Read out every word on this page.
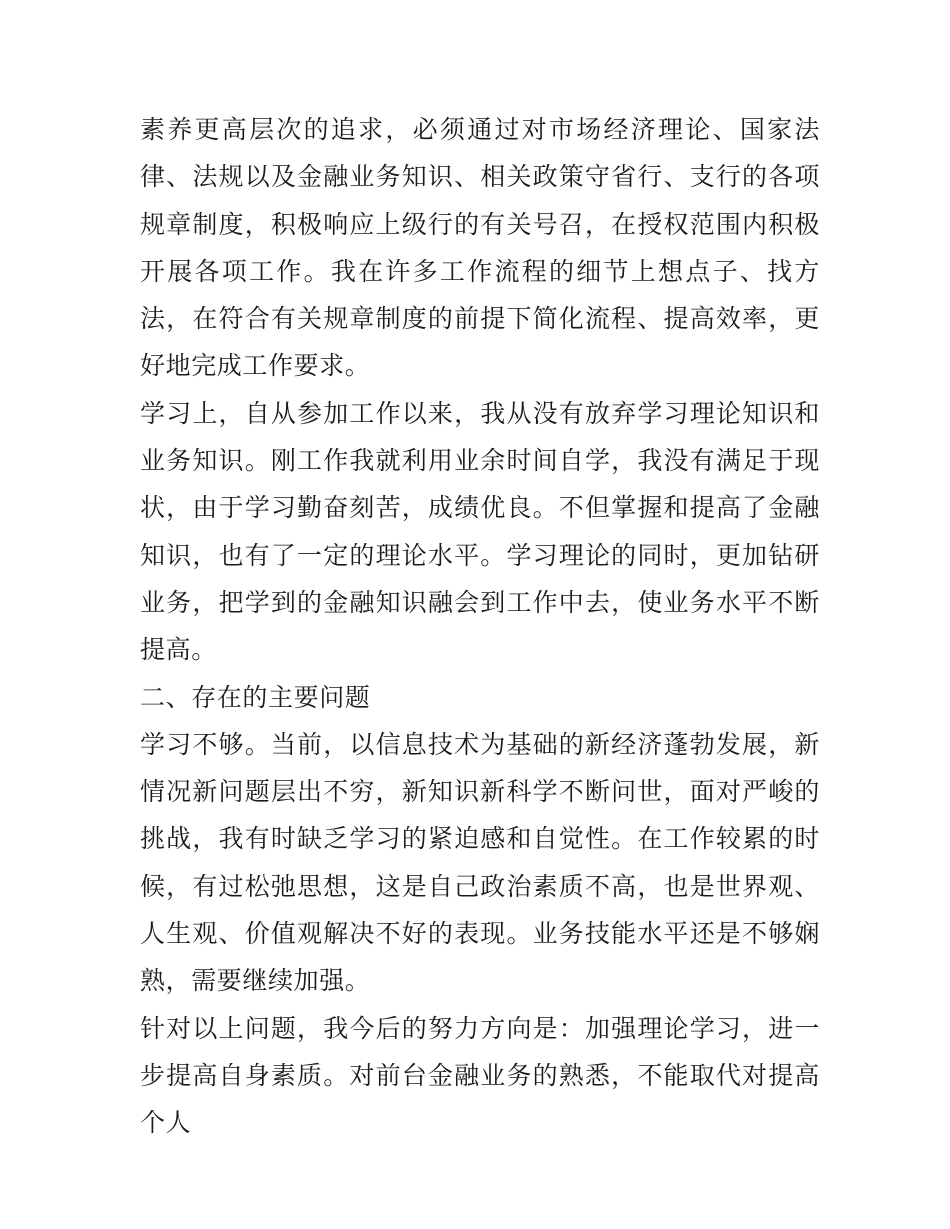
素养更高层次的追求，必须通过对市场经济理论、国家法律、法规以及金融业务知识、相关政策守省行、支行的各项规章制度，积极响应上级行的有关号召，在授权范围内积极开展各项工作。我在许多工作流程的细节上想点子、找方法，在符合有关规章制度的前提下简化流程、提高效率，更好地完成工作要求。

学习上，自从参加工作以来，我从没有放弃学习理论知识和业务知识。刚工作我就利用业余时间自学，我没有满足于现状，由于学习勤奋刻苦，成绩优良。不但掌握和提高了金融知识，也有了一定的理论水平。学习理论的同时，更加钻研业务，把学到的金融知识融会到工作中去，使业务水平不断提高。

二、存在的主要问题

学习不够。当前，以信息技术为基础的新经济蓬勃发展，新情况新问题层出不穷，新知识新科学不断问世，面对严峻的挑战，我有时缺乏学习的紧迫感和自觉性。在工作较累的时候，有过松弛思想，这是自己政治素质不高，也是世界观、人生观、价值观解决不好的表现。业务技能水平还是不够娴熟，需要继续加强。

针对以上问题，我今后的努力方向是：加强理论学习，进一步提高自身素质。对前台金融业务的熟悉，不能取代对提高个人
